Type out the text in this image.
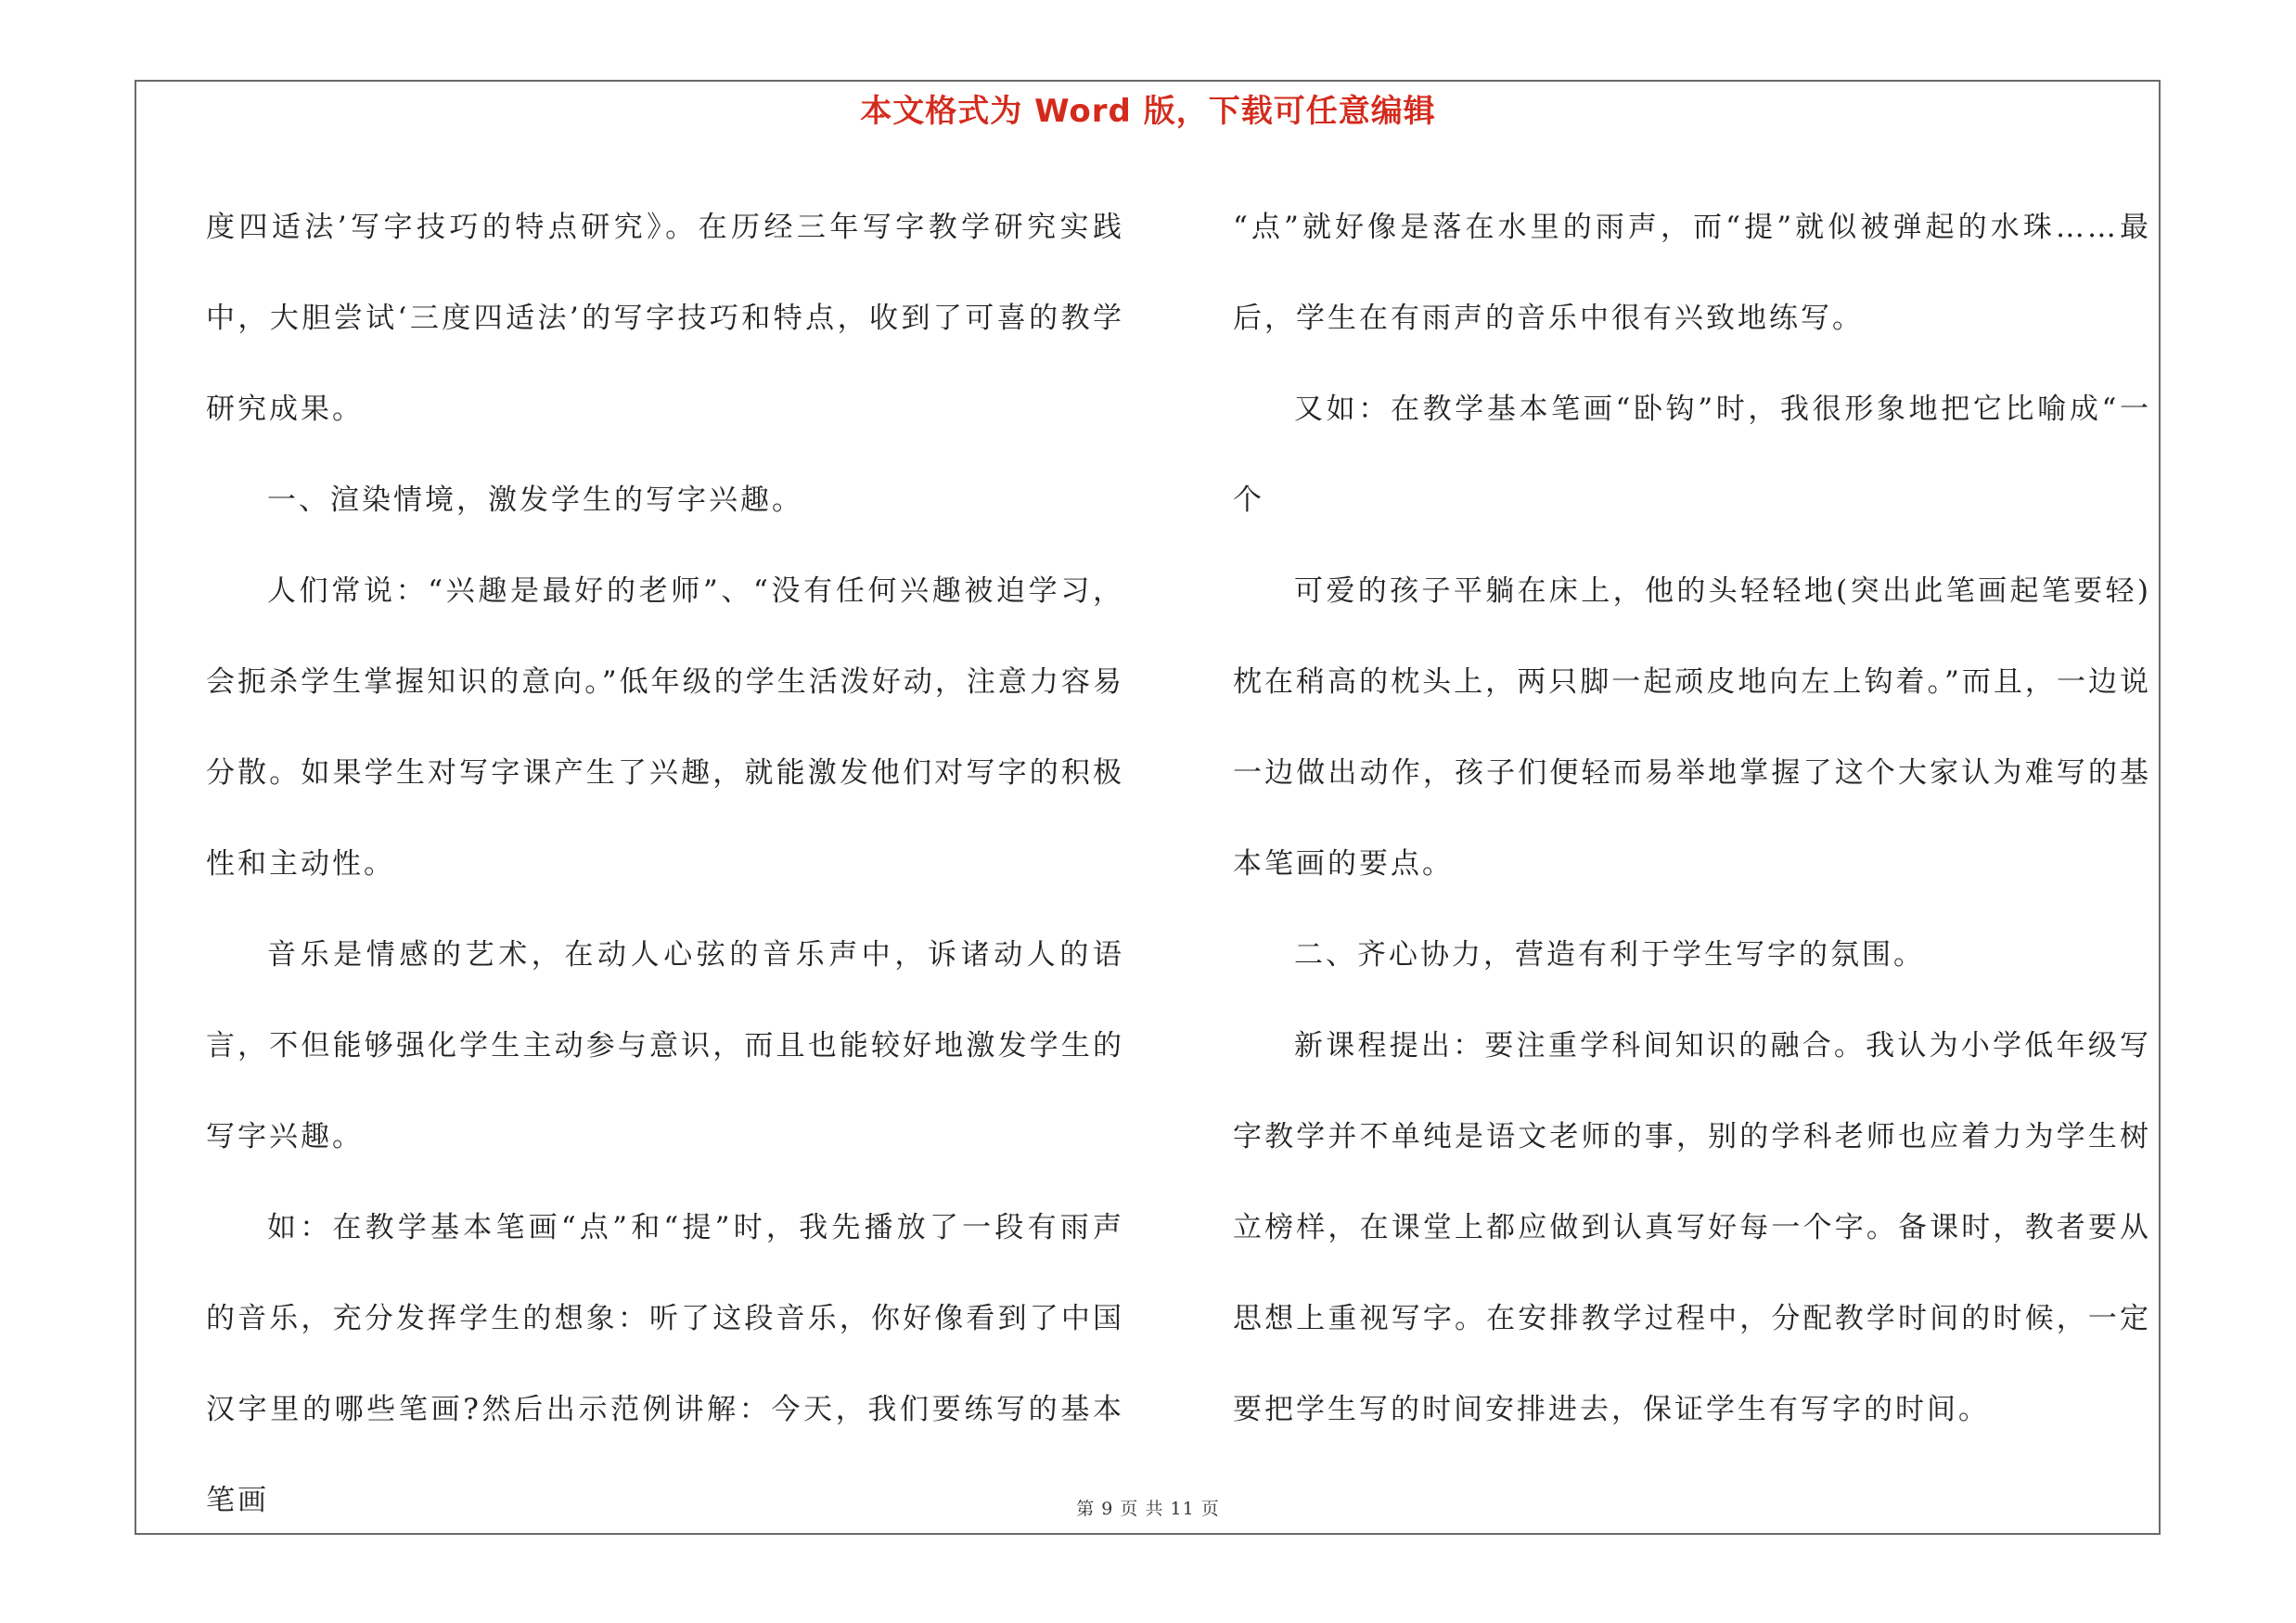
本文格式为 Word 版，下载可任意编辑

度四适法’写字技巧的特点研究》。在历经三年写字教学研究实践中，大胆尝试‘三度四适法’的写字技巧和特点，收到了可喜的教学研究成果。

一、渲染情境，激发学生的写字兴趣。

人们常说：“兴趣是最好的老师”、“没有任何兴趣被迫学习，会扼杀学生掌握知识的意向。”低年级的学生活泼好动，注意力容易分散。如果学生对写字课产生了兴趣，就能激发他们对写字的积极性和主动性。

音乐是情感的艺术，在动人心弦的音乐声中，诉诸动人的语言，不但能够强化学生主动参与意识，而且也能较好地激发学生的写字兴趣。

如：在教学基本笔画“点”和“提”时，我先播放了一段有雨声的音乐，充分发挥学生的想象：听了这段音乐，你好像看到了中国汉字里的哪些笔画?然后出示范例讲解：今天，我们要练写的基本笔画

“点”就好像是落在水里的雨声，而“提”就似被弹起的水珠……最后，学生在有雨声的音乐中很有兴致地练写。

又如：在教学基本笔画“卧钩”时，我很形象地把它比喻成“一个

可爱的孩子平躺在床上，他的头轻轻地(突出此笔画起笔要轻)枕在稍高的枕头上，两只脚一起顽皮地向左上钩着。”而且，一边说一边做出动作，孩子们便轻而易举地掌握了这个大家认为难写的基本笔画的要点。

二、齐心协力，营造有利于学生写字的氛围。

新课程提出：要注重学科间知识的融合。我认为小学低年级写字教学并不单纯是语文老师的事，别的学科老师也应着力为学生树立榜样，在课堂上都应做到认真写好每一个字。备课时，教者要从思想上重视写字。在安排教学过程中，分配教学时间的时候，一定要把学生写的时间安排进去，保证学生有写字的时间。

第 9 页 共 11 页
